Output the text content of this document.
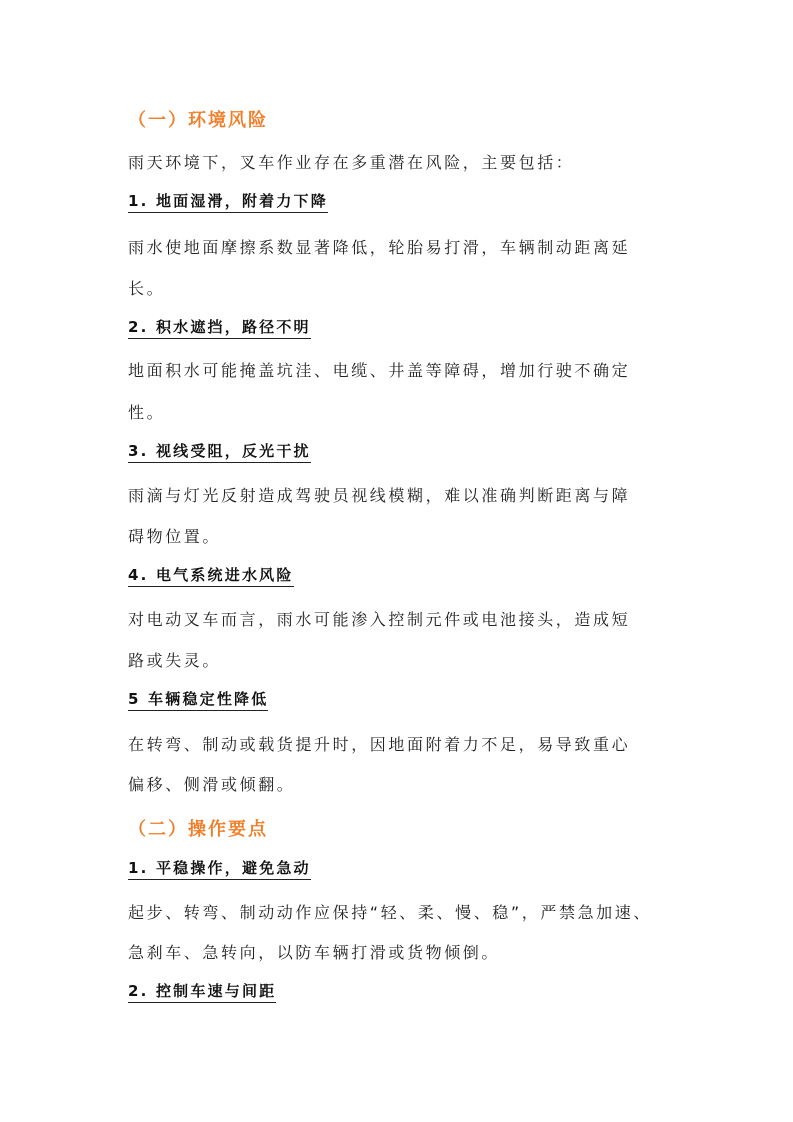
（一）环境风险
雨天环境下，叉车作业存在多重潜在风险，主要包括：
1. 地面湿滑，附着力下降
雨水使地面摩擦系数显著降低，轮胎易打滑，车辆制动距离延
长。
2. 积水遮挡，路径不明
地面积水可能掩盖坑洼、电缆、井盖等障碍，增加行驶不确定
性。
3. 视线受阻，反光干扰
雨滴与灯光反射造成驾驶员视线模糊，难以准确判断距离与障
碍物位置。
4. 电气系统进水风险
对电动叉车而言，雨水可能渗入控制元件或电池接头，造成短
路或失灵。
5 车辆稳定性降低
在转弯、制动或载货提升时，因地面附着力不足，易导致重心
偏移、侧滑或倾翻。
（二）操作要点
1. 平稳操作，避免急动
起步、转弯、制动动作应保持“轻、柔、慢、稳”，严禁急加速、
急刹车、急转向，以防车辆打滑或货物倾倒。
2. 控制车速与间距
